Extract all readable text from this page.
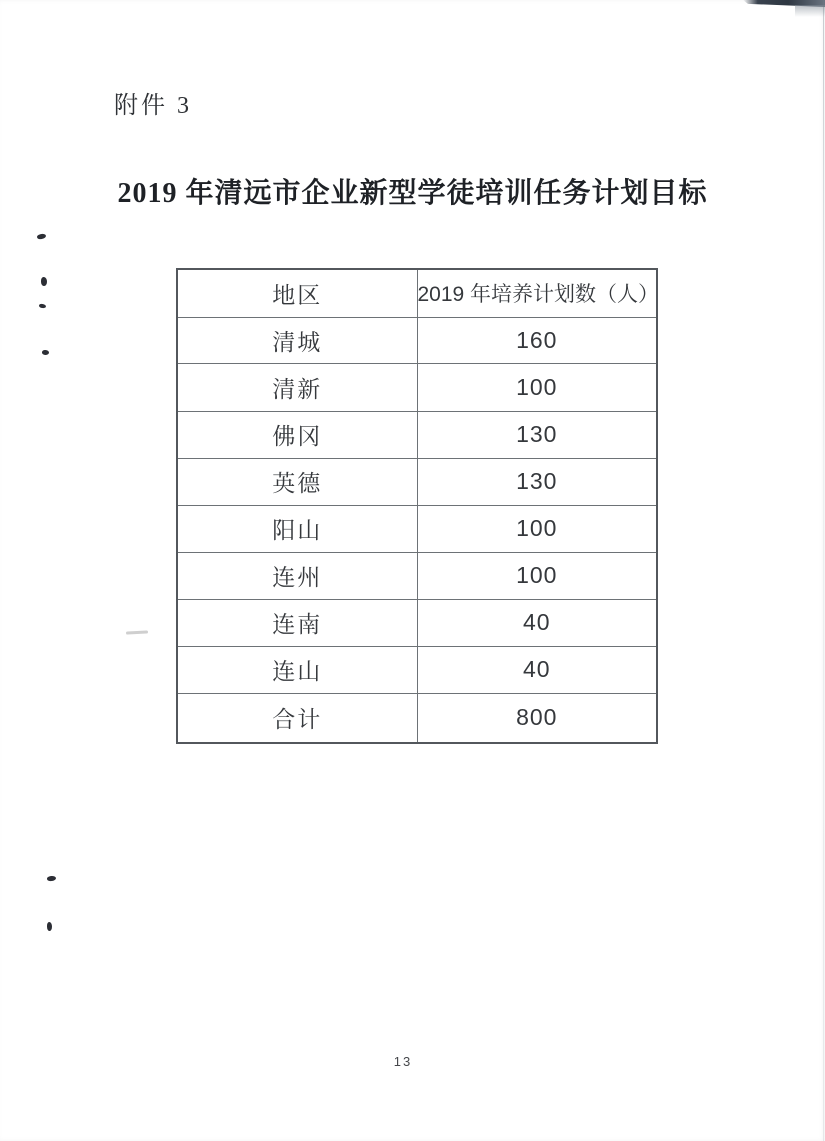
附件 3
2019 年清远市企业新型学徒培训任务计划目标
地区	2019 年培养计划数（人）
清城	160
清新	100
佛冈	130
英德	130
阳山	100
连州	100
连南	40
连山	40
合计	800
13
